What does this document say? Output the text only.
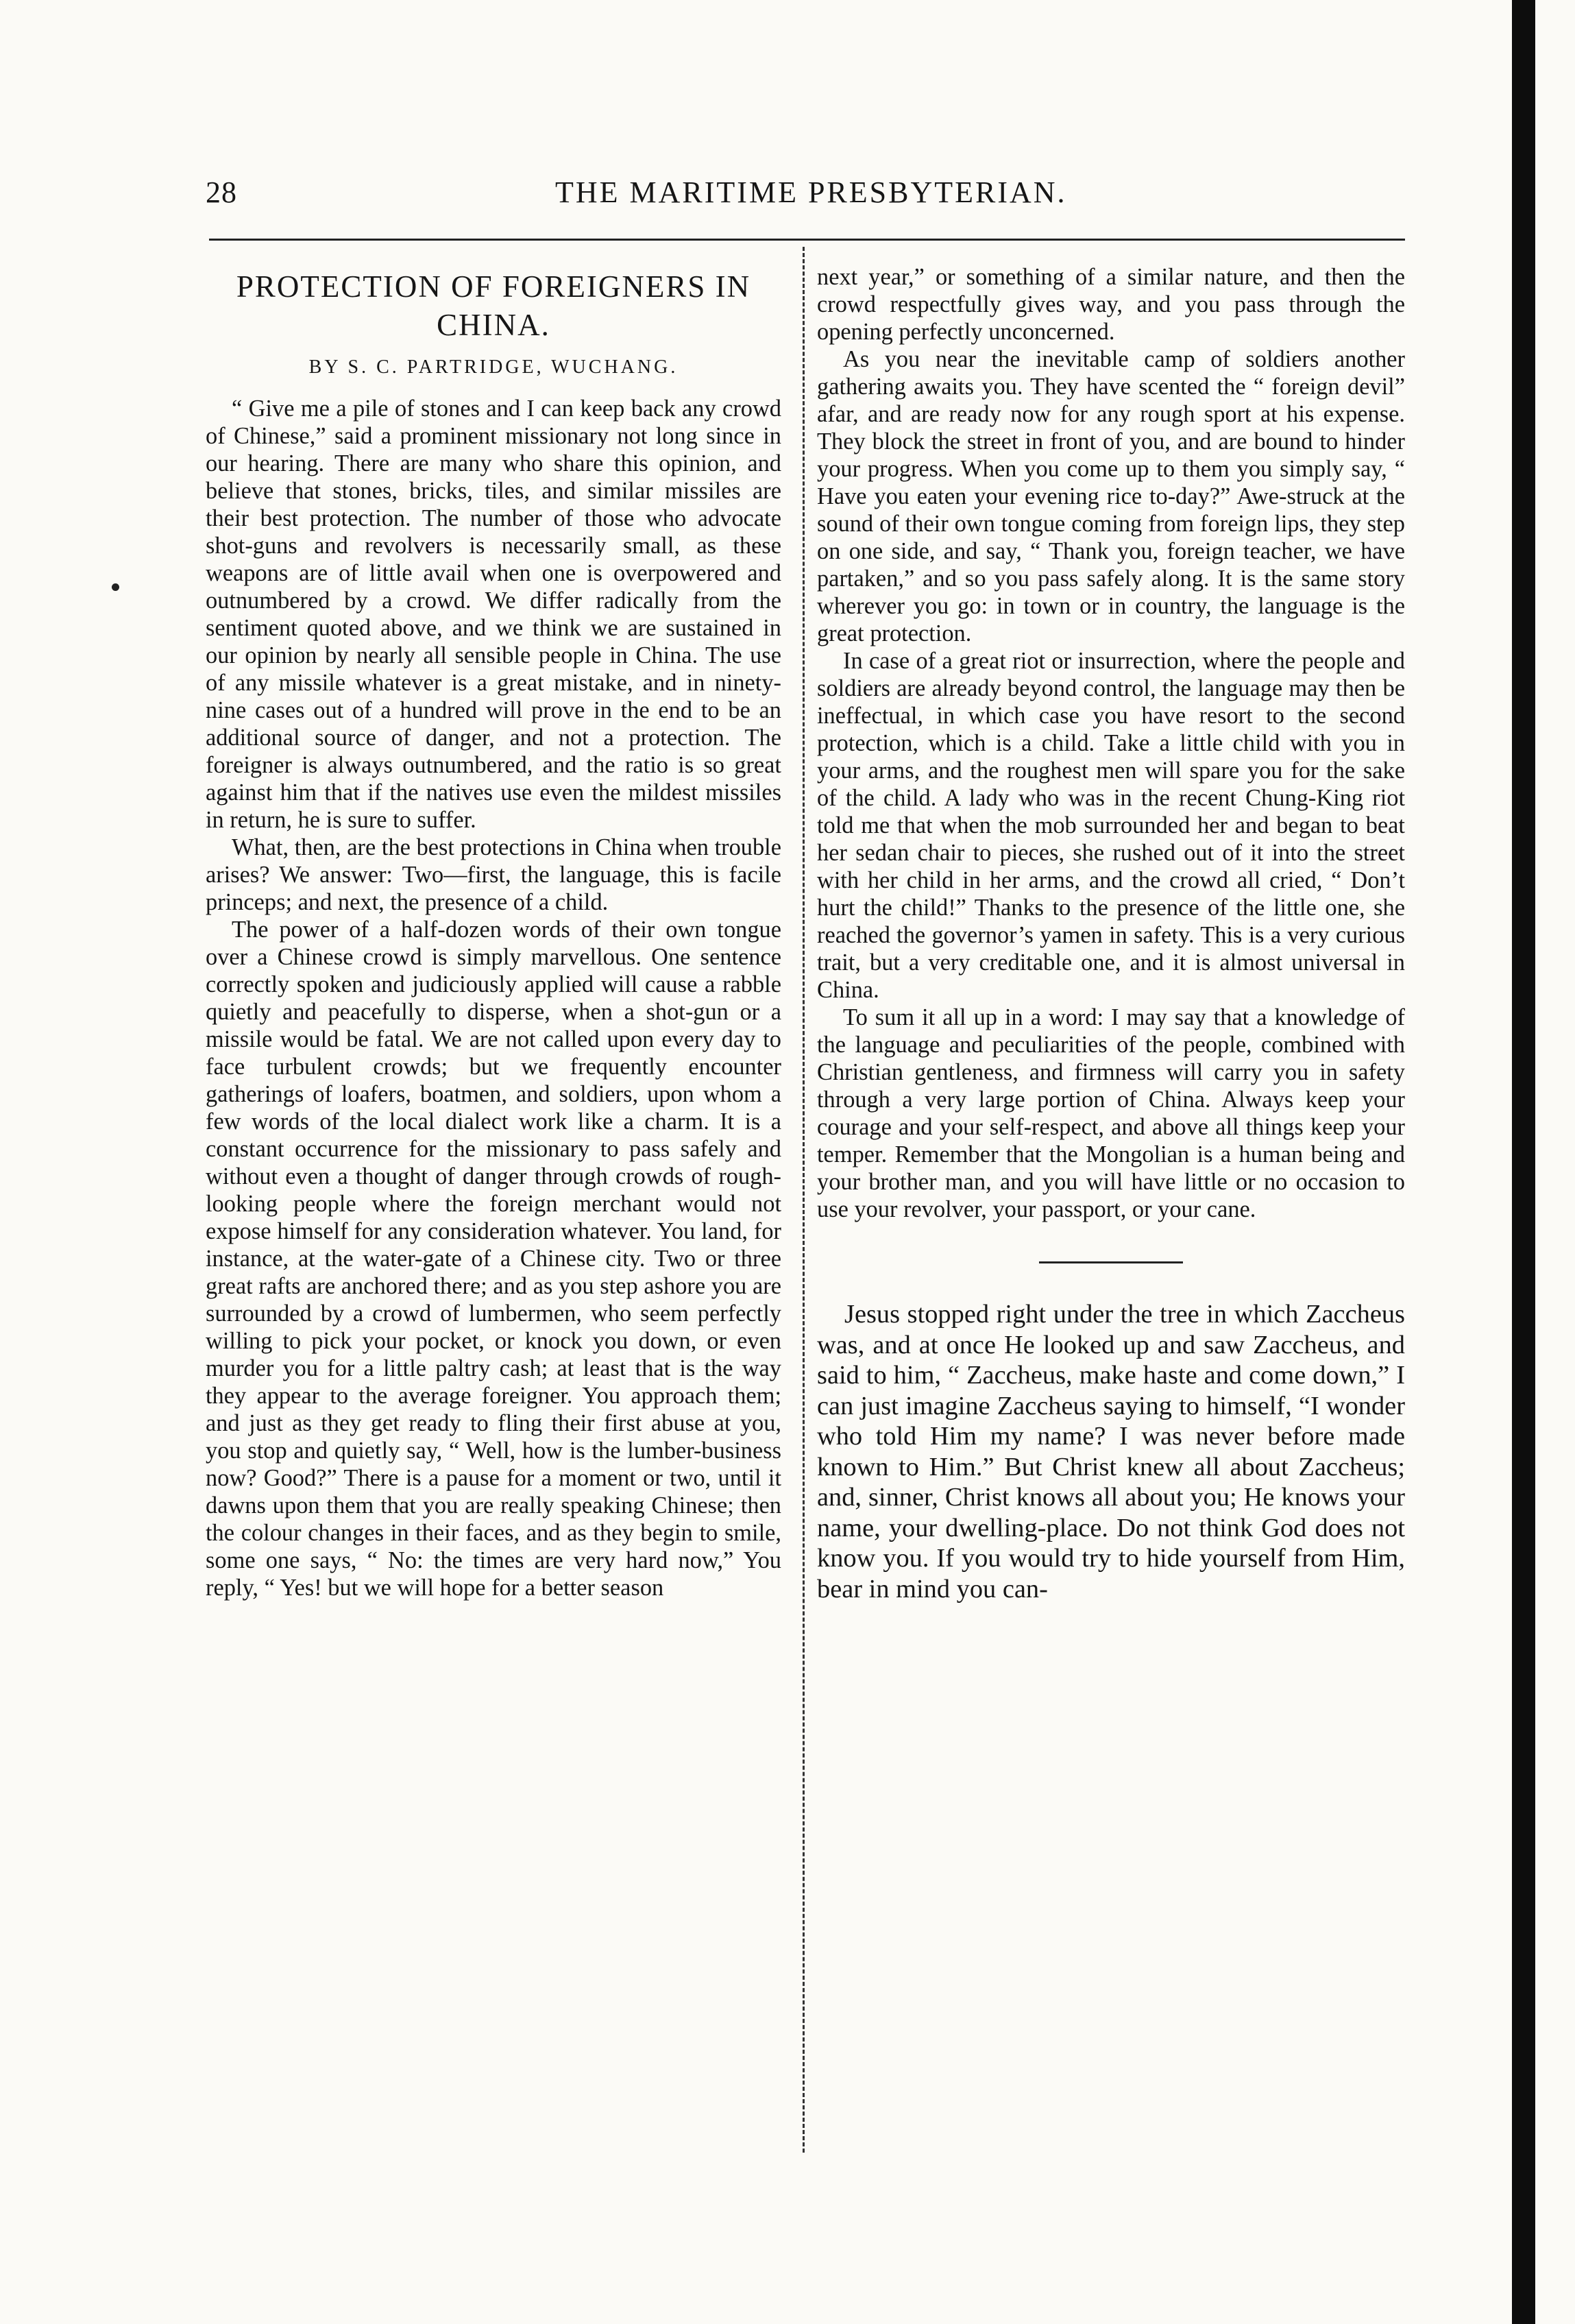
28	THE MARITIME PRESBYTERIAN.
PROTECTION OF FOREIGNERS IN
CHINA.
BY S. C. PARTRIDGE, WUCHANG.

“ Give me a pile of stones and I can keep back any crowd of Chinese,” said a prominent missionary not long since in our hearing. There are many who share this opinion, and believe that stones, bricks, tiles, and similar missiles are their best protection. The number of those who advocate shot-guns and revolvers is necessarily small, as these weapons are of little avail when one is overpowered and outnumbered by a crowd. We differ radically from the sentiment quoted above, and we think we are sustained in our opinion by nearly all sensible people in China. The use of any missile whatever is a great mistake, and in ninety-nine cases out of a hundred will prove in the end to be an additional source of danger, and not a protection. The foreigner is always outnumbered, and the ratio is so great against him that if the natives use even the mildest missiles in return, he is sure to suffer.

What, then, are the best protections in China when trouble arises? We answer: Two—first, the language, this is facile princeps; and next, the presence of a child.

The power of a half-dozen words of their own tongue over a Chinese crowd is simply marvellous. One sentence correctly spoken and judiciously applied will cause a rabble quietly and peacefully to disperse, when a shot-gun or a missile would be fatal. We are not called upon every day to face turbulent crowds; but we frequently encounter gatherings of loafers, boatmen, and soldiers, upon whom a few words of the local dialect work like a charm. It is a constant occurrence for the missionary to pass safely and without even a thought of danger through crowds of rough-looking people where the foreign merchant would not expose himself for any consideration whatever. You land, for instance, at the water-gate of a Chinese city. Two or three great rafts are anchored there; and as you step ashore you are surrounded by a crowd of lumbermen, who seem perfectly willing to pick your pocket, or knock you down, or even murder you for a little paltry cash; at least that is the way they appear to the average foreigner. You approach them; and just as they get ready to fling their first abuse at you, you stop and quietly say, “ Well, how is the lumber-business now? Good?” There is a pause for a moment or two, until it dawns upon them that you are really speaking Chinese; then the colour changes in their faces, and as they begin to smile, some one says, “ No: the times are very hard now,” You reply, “ Yes! but we will hope for a better season

next year,” or something of a similar nature, and then the crowd respectfully gives way, and you pass through the opening perfectly unconcerned.

As you near the inevitable camp of soldiers another gathering awaits you. They have scented the “ foreign devil” afar, and are ready now for any rough sport at his expense. They block the street in front of you, and are bound to hinder your progress. When you come up to them you simply say, “ Have you eaten your evening rice to-day?” Awe-struck at the sound of their own tongue coming from foreign lips, they step on one side, and say, “ Thank you, foreign teacher, we have partaken,” and so you pass safely along. It is the same story wherever you go: in town or in country, the language is the great protection.

In case of a great riot or insurrection, where the people and soldiers are already beyond control, the language may then be ineffectual, in which case you have resort to the second protection, which is a child. Take a little child with you in your arms, and the roughest men will spare you for the sake of the child. A lady who was in the recent Chung-King riot told me that when the mob surrounded her and began to beat her sedan chair to pieces, she rushed out of it into the street with her child in her arms, and the crowd all cried, “ Don’t hurt the child!” Thanks to the presence of the little one, she reached the governor’s yamen in safety. This is a very curious trait, but a very creditable one, and it is almost universal in China.

To sum it all up in a word: I may say that a knowledge of the language and peculiarities of the people, combined with Christian gentleness, and firmness will carry you in safety through a very large portion of China. Always keep your courage and your self-respect, and above all things keep your temper. Remember that the Mongolian is a human being and your brother man, and you will have little or no occasion to use your revolver, your passport, or your cane.

Jesus stopped right under the tree in which Zaccheus was, and at once He looked up and saw Zaccheus, and said to him, “ Zaccheus, make haste and come down,” I can just imagine Zaccheus saying to himself, “I wonder who told Him my name? I was never before made known to Him.” But Christ knew all about Zaccheus; and, sinner, Christ knows all about you; He knows your name, your dwelling-place. Do not think God does not know you. If you would try to hide yourself from Him, bear in mind you can-
